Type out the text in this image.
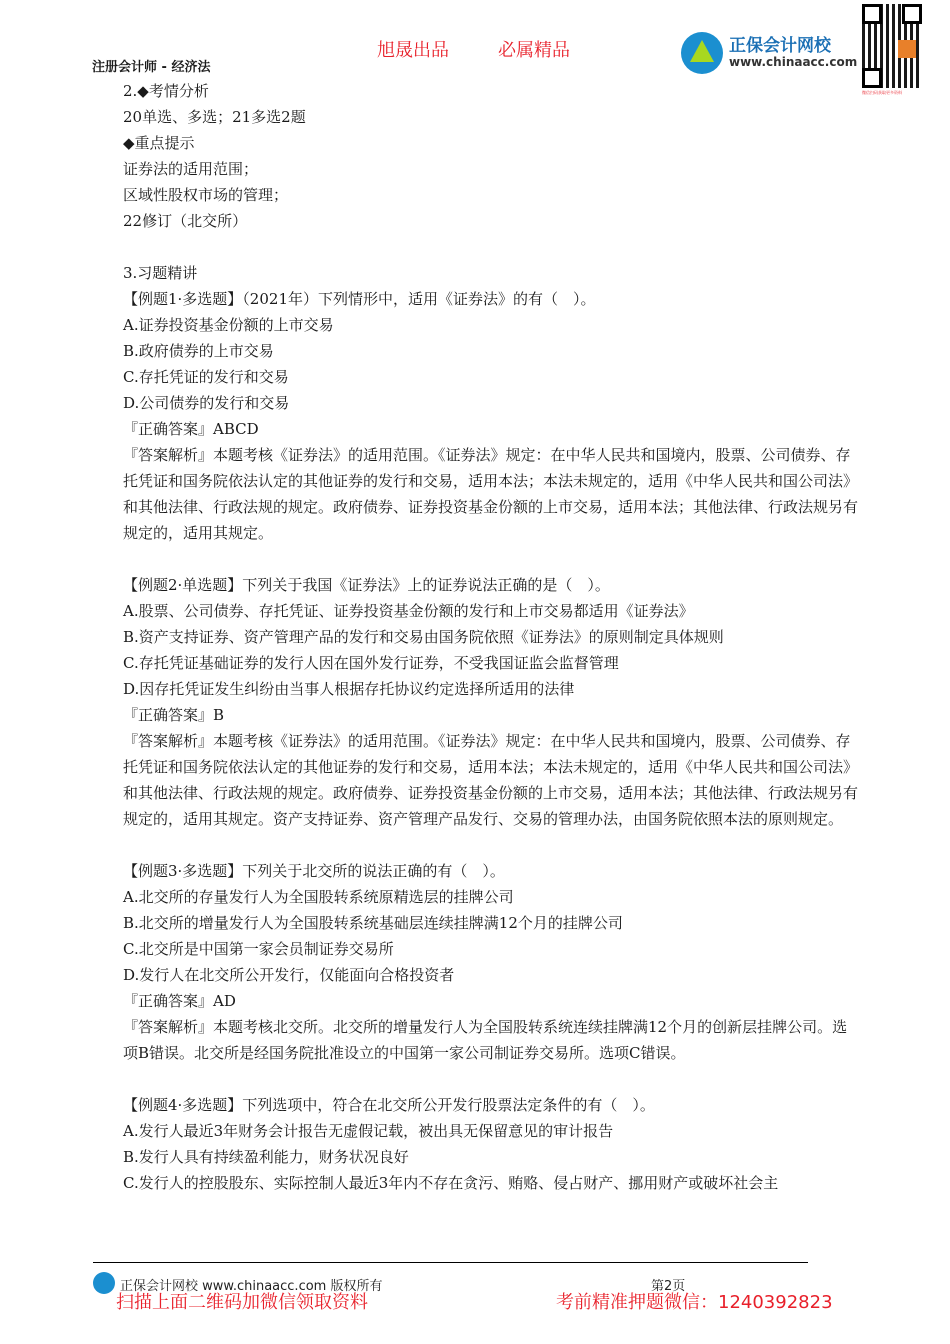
旭晟出品	必属精品
注册会计师 - 经济法
正保会计网校
www.chinaacc.com
微信扫码获取更多资料

2.◆考情分析

20单选、多选；21多选2题

◆重点提示

证券法的适用范围；

区域性股权市场的管理；

22修订（北交所）

3.习题精讲

【例题1·多选题】（2021年）下列情形中，适用《证券法》的有（　）。

A.证券投资基金份额的上市交易

B.政府债券的上市交易

C.存托凭证的发行和交易

D.公司债券的发行和交易

『正确答案』ABCD

『答案解析』本题考核《证券法》的适用范围。《证券法》规定：在中华人民共和国境内，股票、公司债券、存托凭证和国务院依法认定的其他证券的发行和交易，适用本法；本法未规定的，适用《中华人民共和国公司法》和其他法律、行政法规的规定。政府债券、证券投资基金份额的上市交易，适用本法；其他法律、行政法规另有规定的，适用其规定。

【例题2·单选题】下列关于我国《证券法》上的证券说法正确的是（　）。

A.股票、公司债券、存托凭证、证券投资基金份额的发行和上市交易都适用《证券法》

B.资产支持证券、资产管理产品的发行和交易由国务院依照《证券法》的原则制定具体规则

C.存托凭证基础证券的发行人因在国外发行证券，不受我国证监会监督管理

D.因存托凭证发生纠纷由当事人根据存托协议约定选择所适用的法律

『正确答案』B

『答案解析』本题考核《证券法》的适用范围。《证券法》规定：在中华人民共和国境内，股票、公司债券、存托凭证和国务院依法认定的其他证券的发行和交易，适用本法；本法未规定的，适用《中华人民共和国公司法》和其他法律、行政法规的规定。政府债券、证券投资基金份额的上市交易，适用本法；其他法律、行政法规另有规定的，适用其规定。资产支持证券、资产管理产品发行、交易的管理办法，由国务院依照本法的原则规定。

【例题3·多选题】下列关于北交所的说法正确的有（　）。

A.北交所的存量发行人为全国股转系统原精选层的挂牌公司

B.北交所的增量发行人为全国股转系统基础层连续挂牌满12个月的挂牌公司

C.北交所是中国第一家会员制证券交易所

D.发行人在北交所公开发行，仅能面向合格投资者

『正确答案』AD

『答案解析』本题考核北交所。北交所的增量发行人为全国股转系统连续挂牌满12个月的创新层挂牌公司。选项B错误。北交所是经国务院批准设立的中国第一家公司制证券交易所。选项C错误。

【例题4·多选题】下列选项中，符合在北交所公开发行股票法定条件的有（　）。

A.发行人最近3年财务会计报告无虚假记载，被出具无保留意见的审计报告

B.发行人具有持续盈利能力，财务状况良好

C.发行人的控股股东、实际控制人最近3年内不存在贪污、贿赂、侵占财产、挪用财产或破坏社会主

正保会计网校 www.chinaacc.com 版权所有	第2页
扫描上面二维码加微信领取资料	考前精准押题微信：1240392823
